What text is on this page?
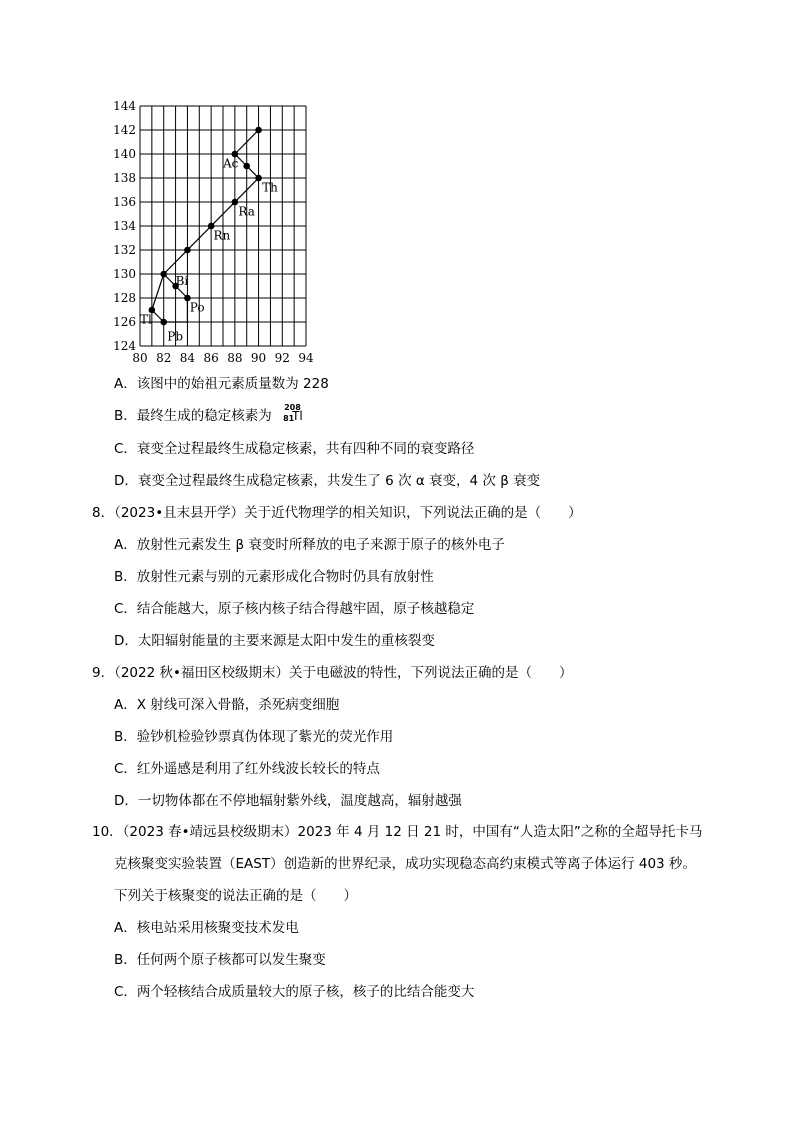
124
126
128
130
132
134
136
138
140
142
144
80 82 84 86 88 90 92 94
Ac
Th
Ra
Rn
Bi
Po
Tl
Pb
A．该图中的始祖元素质量数为 228
B．最终生成的稳定核素为
208
81
Tl
C．衰变全过程最终生成稳定核素，共有四种不同的衰变路径
D．衰变全过程最终生成稳定核素，共发生了 6 次 α 衰变，4 次 β 衰变
8．（2023•且末县开学）关于近代物理学的相关知识，下列说法正确的是（　　）
A．放射性元素发生 β 衰变时所释放的电子来源于原子的核外电子
B．放射性元素与别的元素形成化合物时仍具有放射性
C．结合能越大，原子核内核子结合得越牢固，原子核越稳定
D．太阳辐射能量的主要来源是太阳中发生的重核裂变
9．（2022 秋•福田区校级期末）关于电磁波的特性，下列说法正确的是（　　）
A．X 射线可深入骨骼，杀死病变细胞
B．验钞机检验钞票真伪体现了紫光的荧光作用
C．红外遥感是利用了红外线波长较长的特点
D．一切物体都在不停地辐射紫外线，温度越高，辐射越强
10．（2023 春•靖远县校级期末）2023 年 4 月 12 日 21 时，中国有“人造太阳”之称的全超导托卡马
克核聚变实验装置（EAST）创造新的世界纪录，成功实现稳态高约束模式等离子体运行 403 秒。
下列关于核聚变的说法正确的是（　　）
A．核电站采用核聚变技术发电
B．任何两个原子核都可以发生聚变
C．两个轻核结合成质量较大的原子核，核子的比结合能变大
